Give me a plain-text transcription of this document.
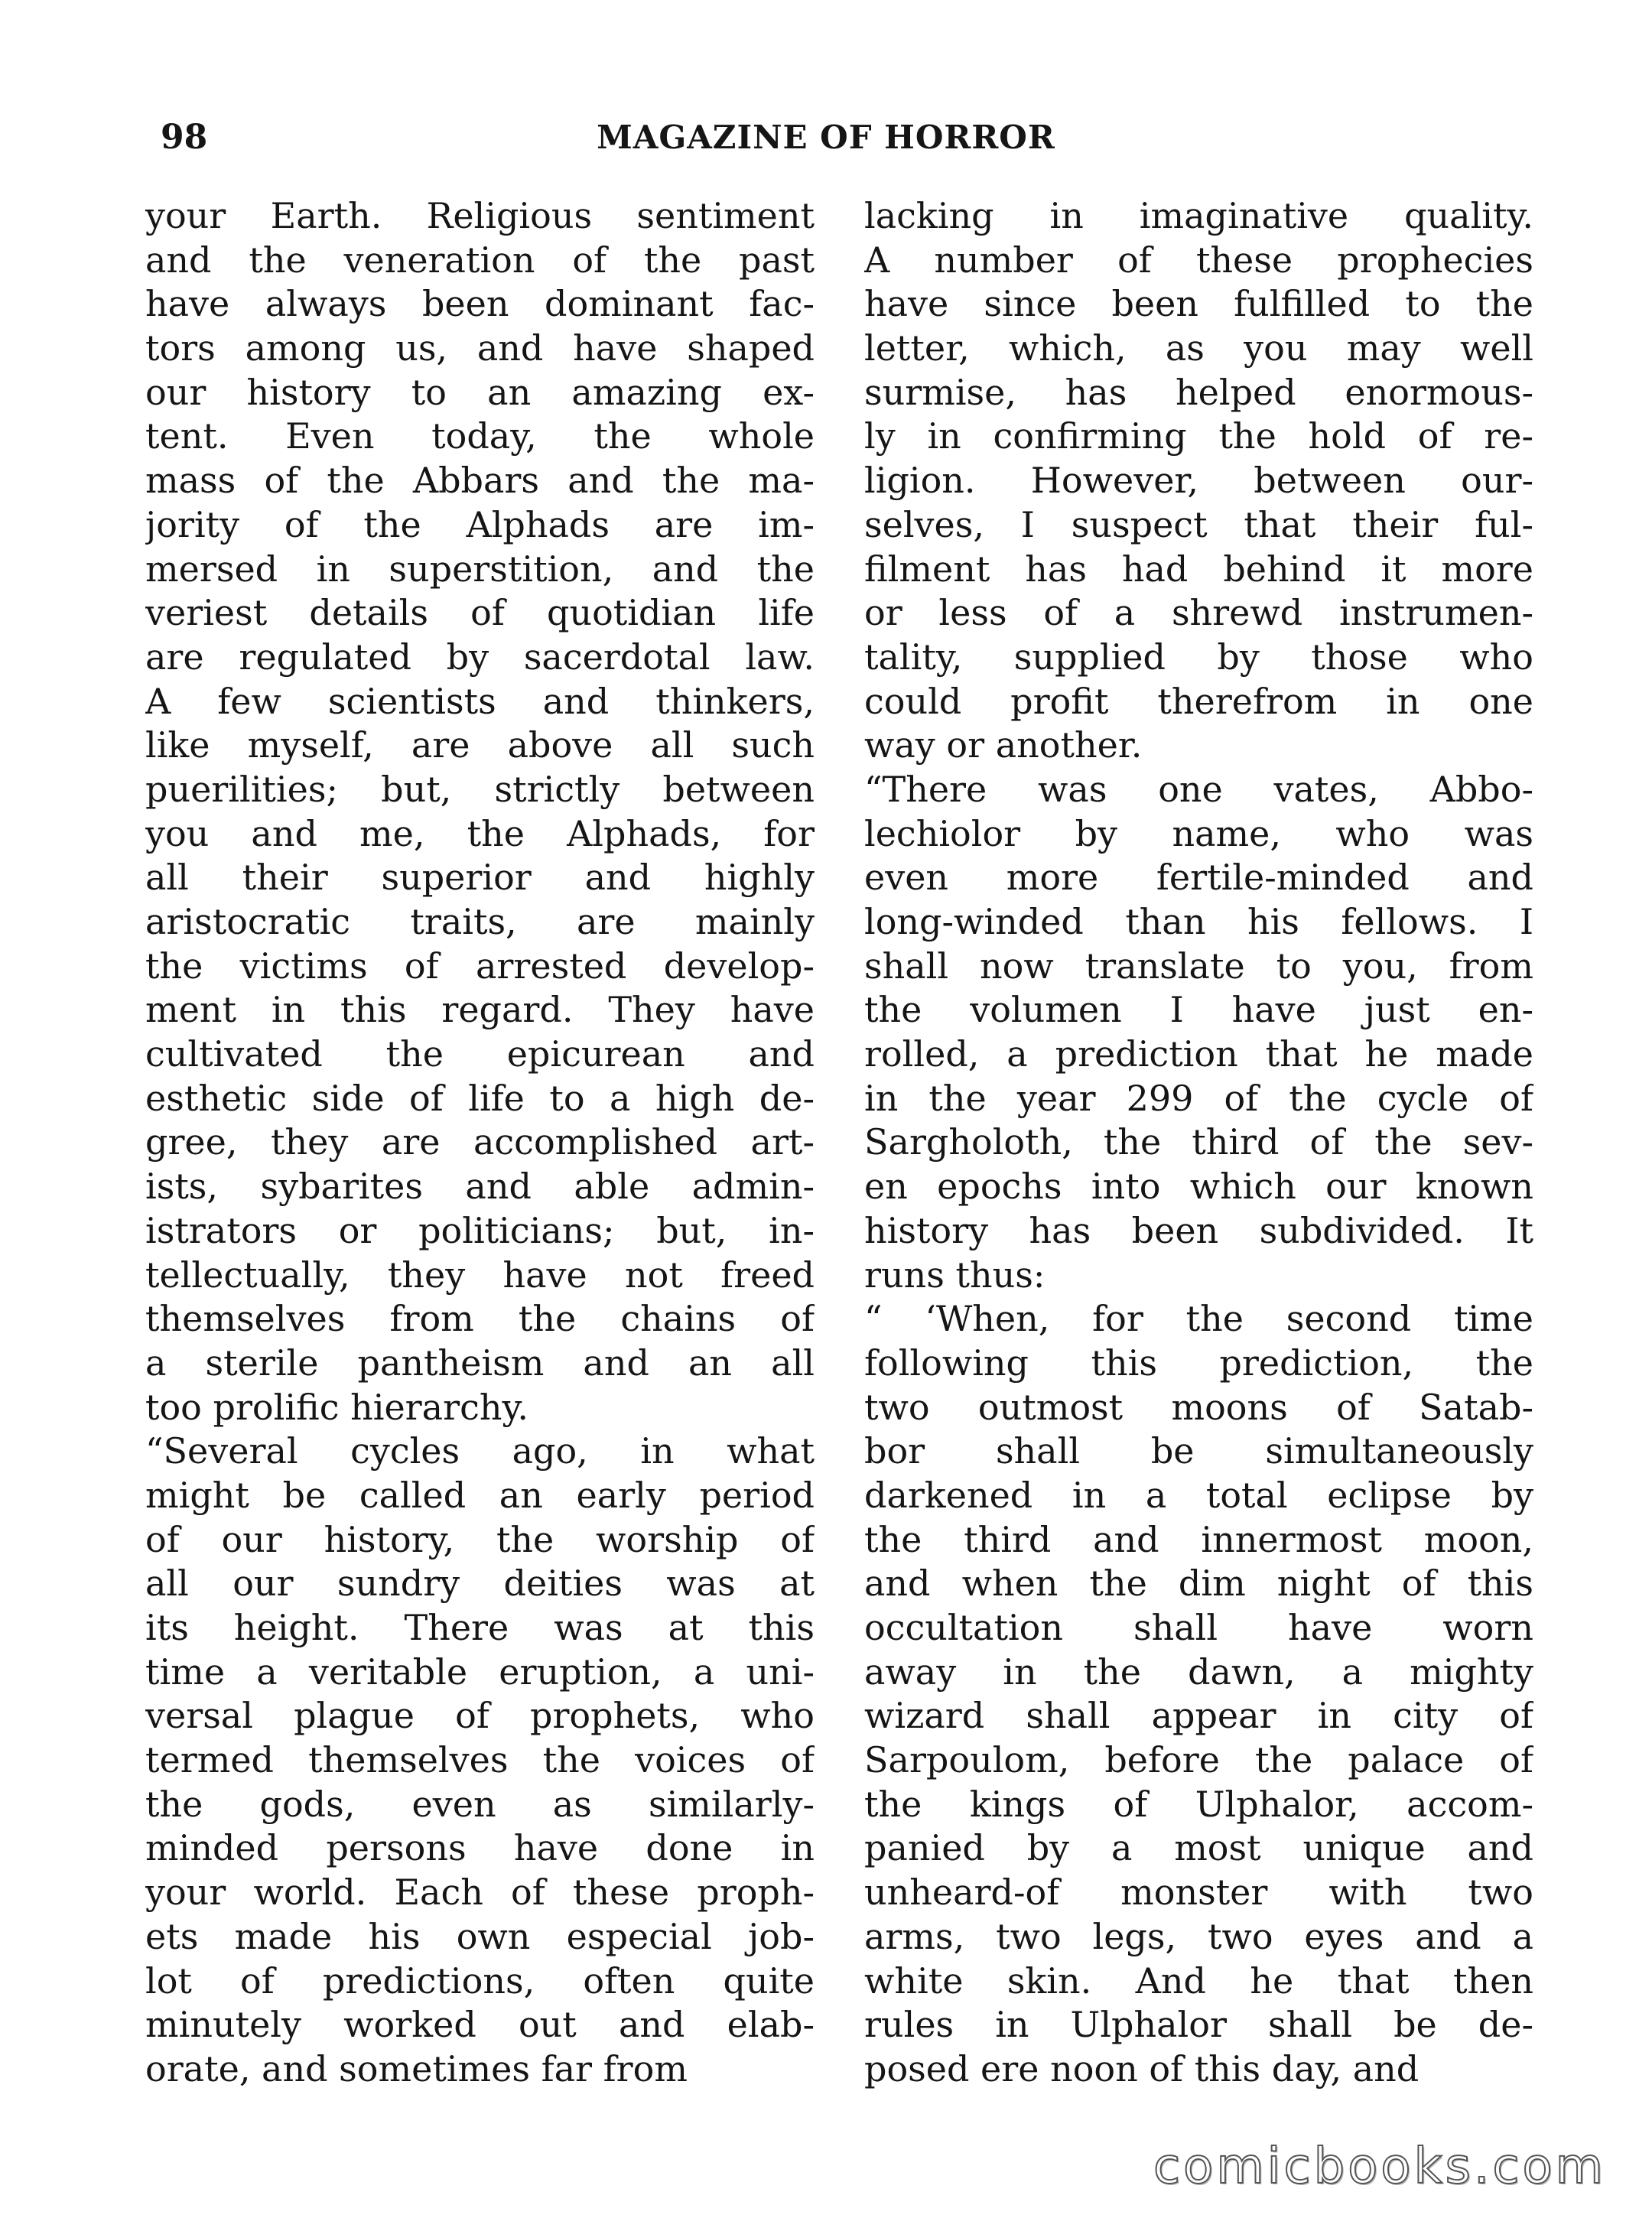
98	MAGAZINE OF HORROR
your Earth. Religious sentiment
and the veneration of the past
have always been dominant fac-
tors among us, and have shaped
our history to an amazing ex-
tent. Even today, the whole
mass of the Abbars and the ma-
jority of the Alphads are im-
mersed in superstition, and the
veriest details of quotidian life
are regulated by sacerdotal law.
A few scientists and thinkers,
like myself, are above all such
puerilities; but, strictly between
you and me, the Alphads, for
all their superior and highly
aristocratic traits, are mainly
the victims of arrested develop-
ment in this regard. They have
cultivated the epicurean and
esthetic side of life to a high de-
gree, they are accomplished art-
ists, sybarites and able admin-
istrators or politicians; but, in-
tellectually, they have not freed
themselves from the chains of
a sterile pantheism and an all
too prolific hierarchy.
“Several cycles ago, in what
might be called an early period
of our history, the worship of
all our sundry deities was at
its height. There was at this
time a veritable eruption, a uni-
versal plague of prophets, who
termed themselves the voices of
the gods, even as similarly-
minded persons have done in
your world. Each of these proph-
ets made his own especial job-
lot of predictions, often quite
minutely worked out and elab-
orate, and sometimes far from
lacking in imaginative quality.
A number of these prophecies
have since been fulfilled to the
letter, which, as you may well
surmise, has helped enormous-
ly in confirming the hold of re-
ligion. However, between our-
selves, I suspect that their ful-
filment has had behind it more
or less of a shrewd instrumen-
tality, supplied by those who
could profit therefrom in one
way or another.
“There was one vates, Abbo-
lechiolor by name, who was
even more fertile-minded and
long-winded than his fellows. I
shall now translate to you, from
the volumen I have just en-
rolled, a prediction that he made
in the year 299 of the cycle of
Sargholoth, the third of the sev-
en epochs into which our known
history has been subdivided. It
runs thus:
“ ‘When, for the second time
following this prediction, the
two outmost moons of Satab-
bor shall be simultaneously
darkened in a total eclipse by
the third and innermost moon,
and when the dim night of this
occultation shall have worn
away in the dawn, a mighty
wizard shall appear in city of
Sarpoulom, before the palace of
the kings of Ulphalor, accom-
panied by a most unique and
unheard-of monster with two
arms, two legs, two eyes and a
white skin. And he that then
rules in Ulphalor shall be de-
posed ere noon of this day, and
comicbooks.com
